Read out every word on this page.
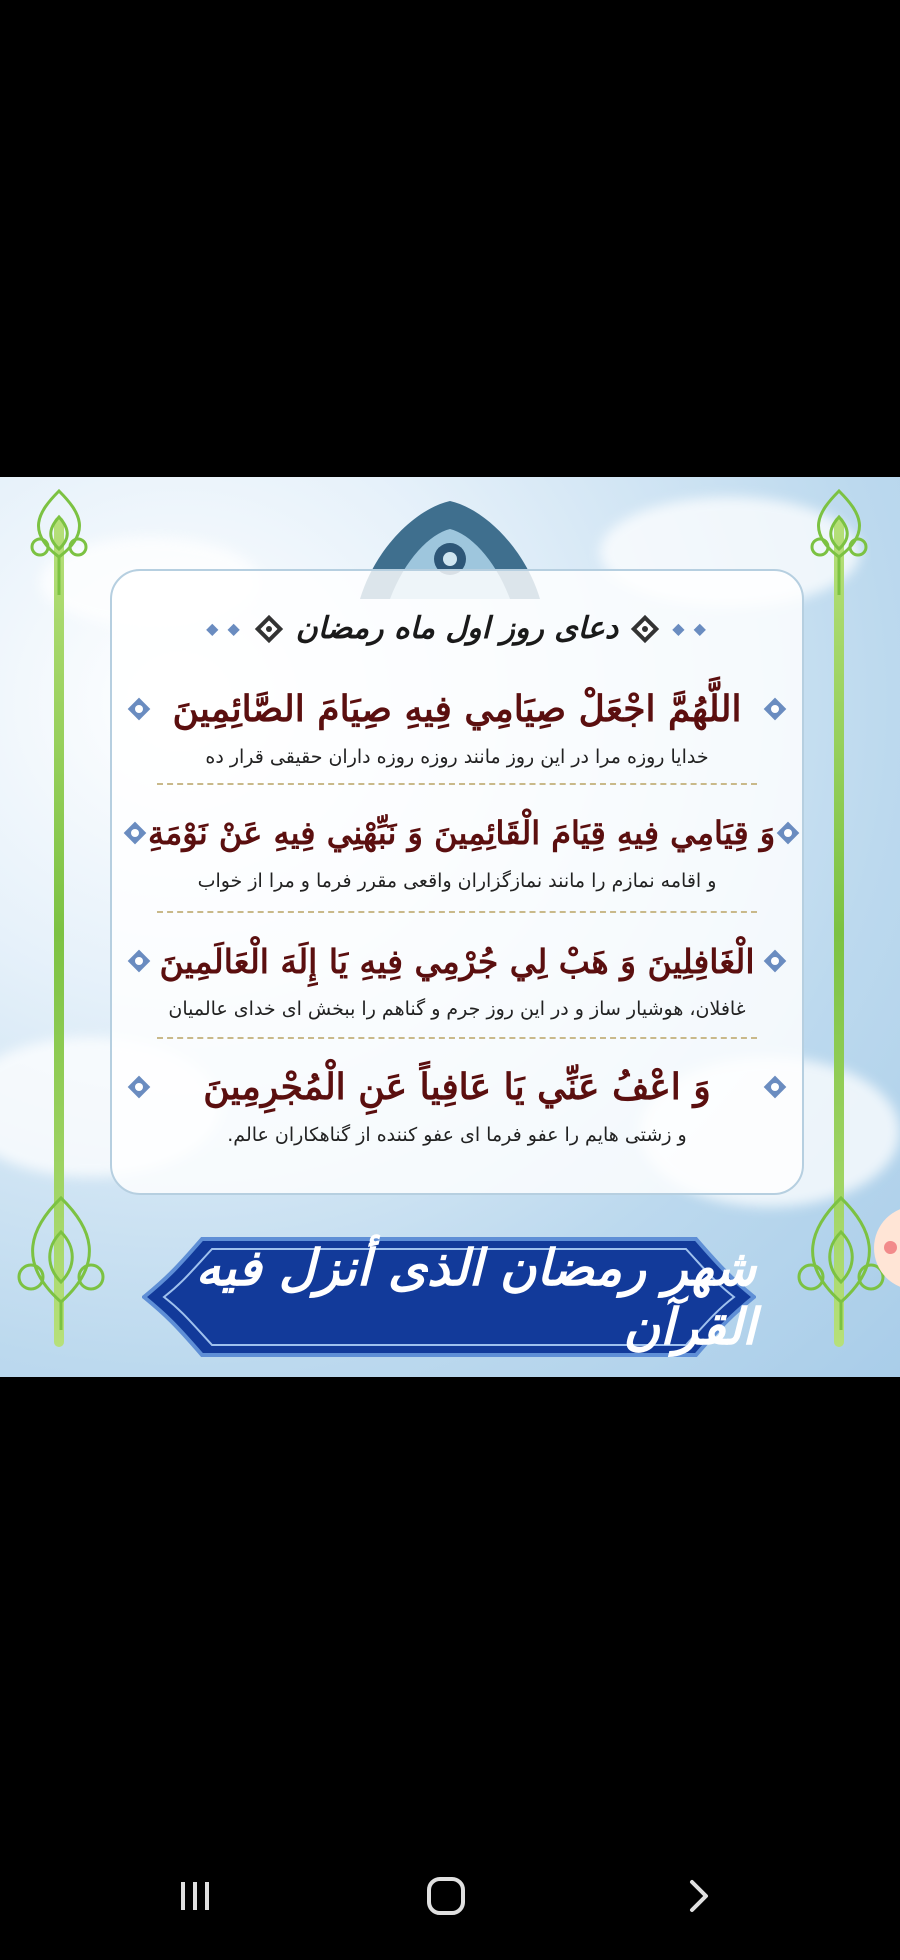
◆ ◆ دعای روز اول ماه رمضان	◆ ◆
اللَّهُمَّ اجْعَلْ صِيَامِي فِيهِ صِيَامَ الصَّائِمِينَ
خدایا روزه مرا در این روز مانند روزه روزه داران حقیقی قرار ده
وَ قِيَامِي فِيهِ قِيَامَ الْقَائِمِينَ وَ نَبِّهْنِي فِيهِ عَنْ نَوْمَةِ
و اقامه نمازم را مانند نمازگزاران واقعی مقرر فرما و مرا از خواب
الْغَافِلِينَ وَ هَبْ لِي جُرْمِي فِيهِ يَا إِلَهَ الْعَالَمِينَ
غافلان، هوشیار ساز و در این روز جرم و گناهم را ببخش ای خدای عالمیان
وَ اعْفُ عَنِّي يَا عَافِياً عَنِ الْمُجْرِمِينَ
و زشتی هایم را عفو فرما ای عفو کننده از گناهکاران عالم.
شهر رمضان الذی أنزل فیه القرآن
